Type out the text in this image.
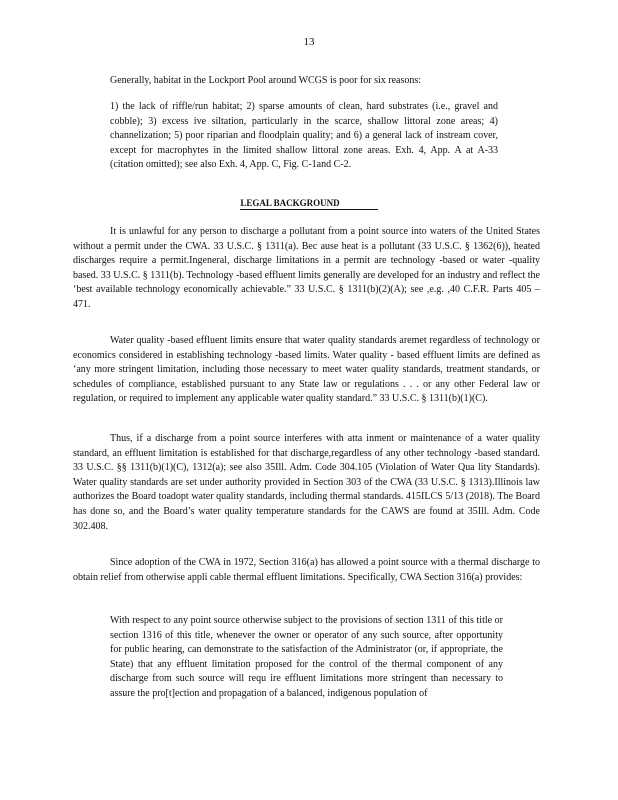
13
Generally, habitat in the Lockport Pool around WCGS is poor for six reasons:
1) the lack of riffle/run habitat; 2) sparse amounts of clean, hard substrates (i.e., gravel and cobble); 3) excess ive siltation, particularly in the scarce, shallow littoral zone areas; 4) channelization; 5) poor riparian and floodplain quality; and 6) a general lack of instream cover, except for macrophytes in the limited shallow littoral zone areas. Exh. 4, App. A at A-33 (citation omitted); see also Exh. 4, App. C, Fig. C-1and C-2.
LEGAL BACKGROUND
It is unlawful for any person to discharge a pollutant from a point source into waters of the United States without a permit under the CWA. 33 U.S.C. § 1311(a). Bec ause heat is a pollutant (33 U.S.C. § 1362(6)), heated discharges require a permit.Ingeneral, discharge limitations in a permit are technology -based or water -quality based. 33 U.S.C. § 1311(b). Technology -based effluent limits generally are developed for an industry and reflect the ‘best available technology economically achievable.” 33 U.S.C. § 1311(b)(2)(A); see ,e.g. ,40 C.F.R. Parts 405 – 471.
Water quality -based effluent limits ensure that water quality standards aremet regardless of technology or economics considered in establishing technology -based limits. Water quality - based effluent limits are defined as ‘any more stringent limitation, including those necessary to meet water quality standards, treatment standards, or schedules of compliance, established pursuant to any State law or regulations . . . or any other Federal law or regulation, or required to implement any applicable water quality standard.” 33 U.S.C. § 1311(b)(1)(C).
Thus, if a discharge from a point source interferes with atta inment or maintenance of a water quality standard, an effluent limitation is established for that discharge,regardless of any other technology -based standard. 33 U.S.C. §§ 1311(b)(1)(C), 1312(a); see also 35Ill. Adm. Code 304.105 (Violation of Water Qua lity Standards). Water quality standards are set under authority provided in Section 303 of the CWA (33 U.S.C. § 1313).Illinois law authorizes the Board toadopt water quality standards, including thermal standards. 415ILCS 5/13 (2018). The Board has done so, and the Board’s water quality temperature standards for the CAWS are found at 35Ill. Adm. Code 302.408.
Since adoption of the CWA in 1972, Section 316(a) has allowed a point source with a thermal discharge to obtain relief from otherwise appli cable thermal effluent limitations. Specifically, CWA Section 316(a) provides:
With respect to any point source otherwise subject to the provisions of section 1311 of this title or section 1316 of this title, whenever the owner or operator of any such source, after opportunity for public hearing, can demonstrate to the satisfaction of the Administrator (or, if appropriate, the State) that any effluent limitation proposed for the control of the thermal component of any discharge from such source will requ ire effluent limitations more stringent than necessary to assure the pro[t]ection and propagation of a balanced, indigenous population of
